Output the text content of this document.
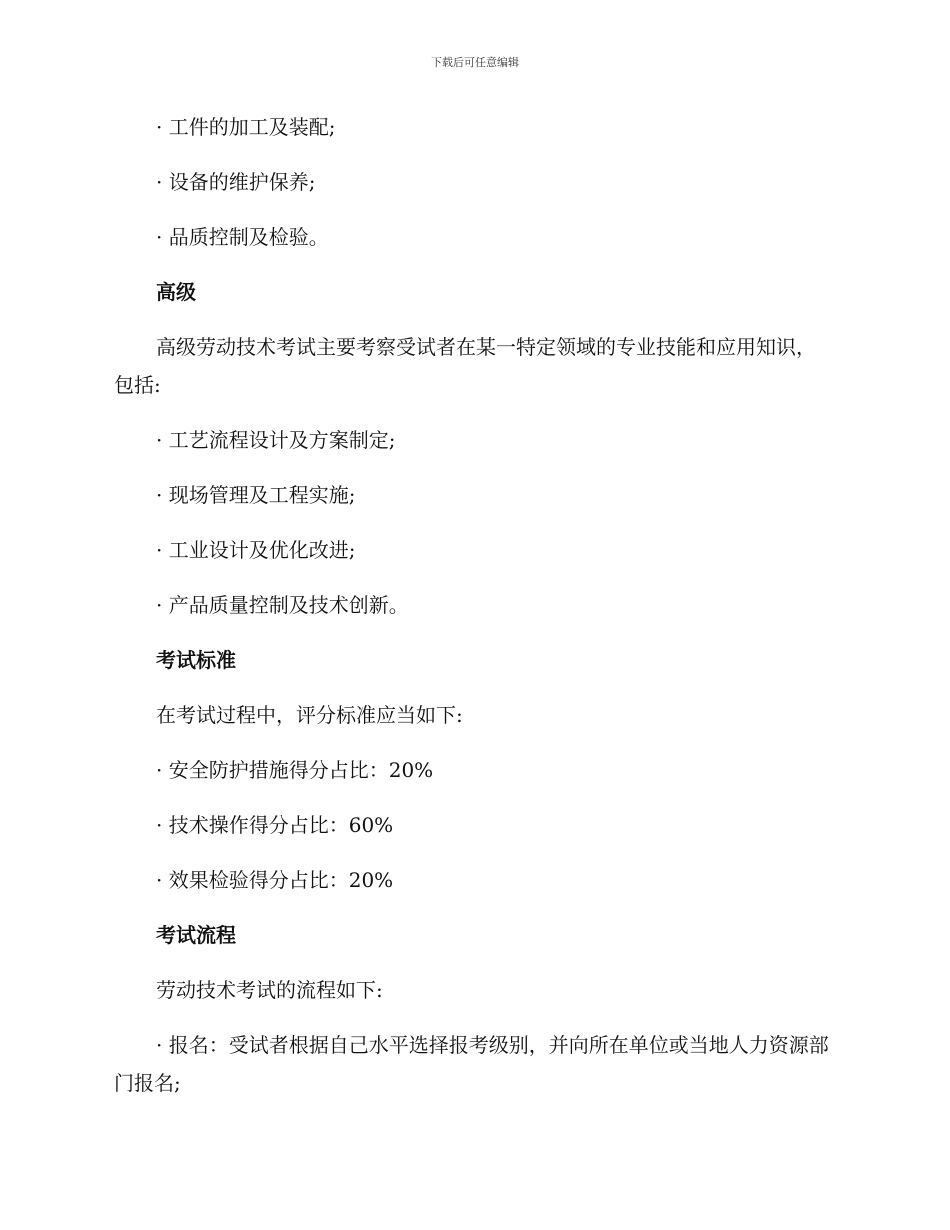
下载后可任意编辑

· 工件的加工及装配;

· 设备的维护保养;

· 品质控制及检验。

高级

高级劳动技术考试主要考察受试者在某一特定领域的专业技能和应用知识，包括:

· 工艺流程设计及方案制定;

· 现场管理及工程实施;

· 工业设计及优化改进;

· 产品质量控制及技术创新。

考试标准

在考试过程中，评分标准应当如下:

· 安全防护措施得分占比：20%

· 技术操作得分占比：60%

· 效果检验得分占比：20%

考试流程

劳动技术考试的流程如下:

· 报名：受试者根据自己水平选择报考级别，并向所在单位或当地人力资源部门报名;
